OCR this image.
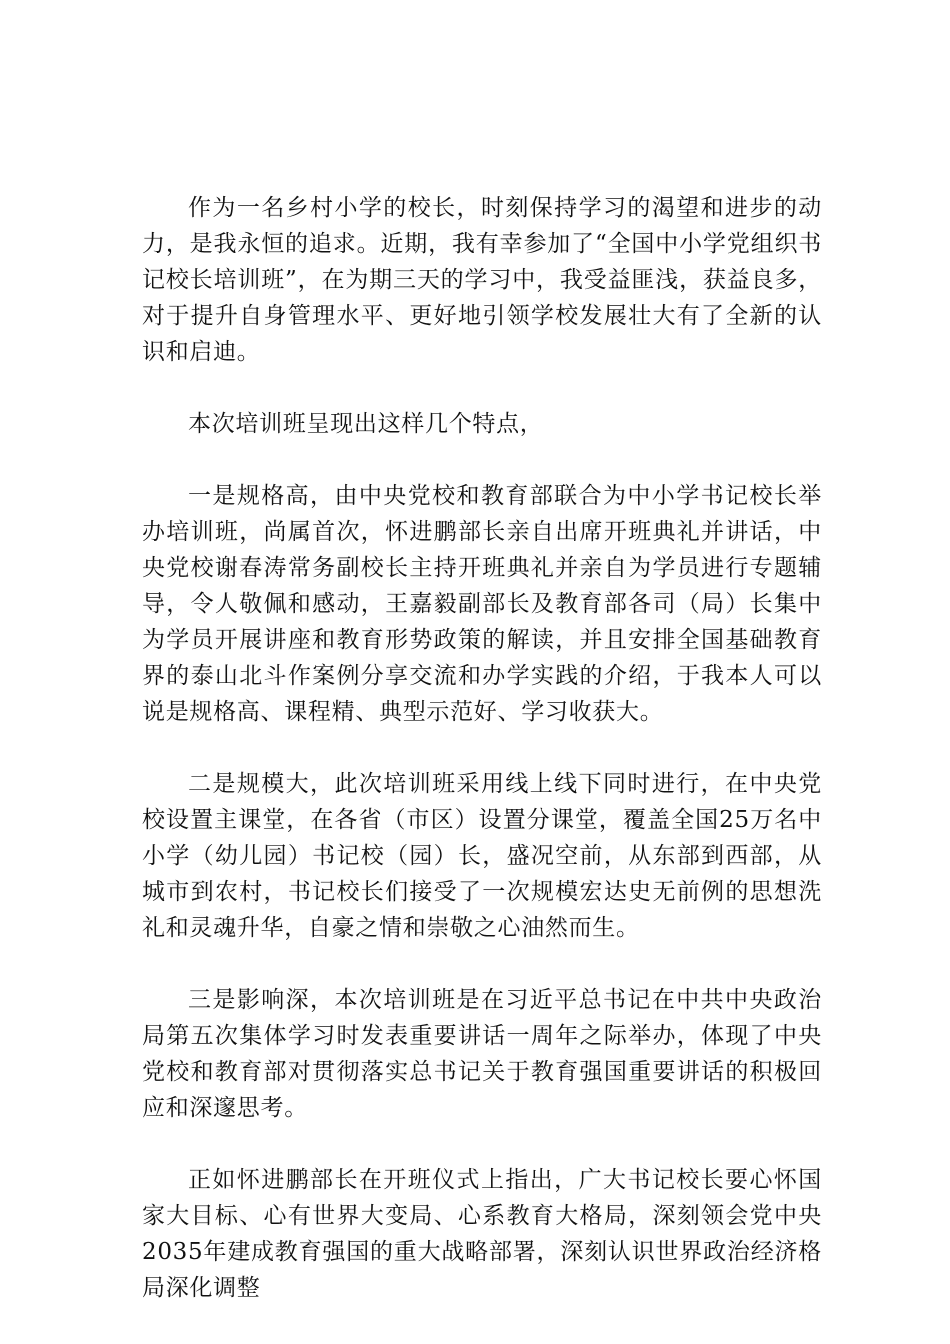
作为一名乡村小学的校长，时刻保持学习的渴望和进步的动力，是我永恒的追求。近期，我有幸参加了“全国中小学党组织书记校长培训班”，在为期三天的学习中，我受益匪浅，获益良多，对于提升自身管理水平、更好地引领学校发展壮大有了全新的认识和启迪。

本次培训班呈现出这样几个特点，

一是规格高，由中央党校和教育部联合为中小学书记校长举办培训班，尚属首次，怀进鹏部长亲自出席开班典礼并讲话，中央党校谢春涛常务副校长主持开班典礼并亲自为学员进行专题辅导，令人敬佩和感动，王嘉毅副部长及教育部各司（局）长集中为学员开展讲座和教育形势政策的解读，并且安排全国基础教育界的泰山北斗作案例分享交流和办学实践的介绍，于我本人可以说是规格高、课程精、典型示范好、学习收获大。

二是规模大，此次培训班采用线上线下同时进行，在中央党校设置主课堂，在各省（市区）设置分课堂，覆盖全国25万名中小学（幼儿园）书记校（园）长，盛况空前，从东部到西部，从城市到农村，书记校长们接受了一次规模宏达史无前例的思想洗礼和灵魂升华，自豪之情和崇敬之心油然而生。

三是影响深，本次培训班是在习近平总书记在中共中央政治局第五次集体学习时发表重要讲话一周年之际举办，体现了中央党校和教育部对贯彻落实总书记关于教育强国重要讲话的积极回应和深邃思考。

正如怀进鹏部长在开班仪式上指出，广大书记校长要心怀国家大目标、心有世界大变局、心系教育大格局，深刻领会党中央2035年建成教育强国的重大战略部署，深刻认识世界政治经济格局深化调整
